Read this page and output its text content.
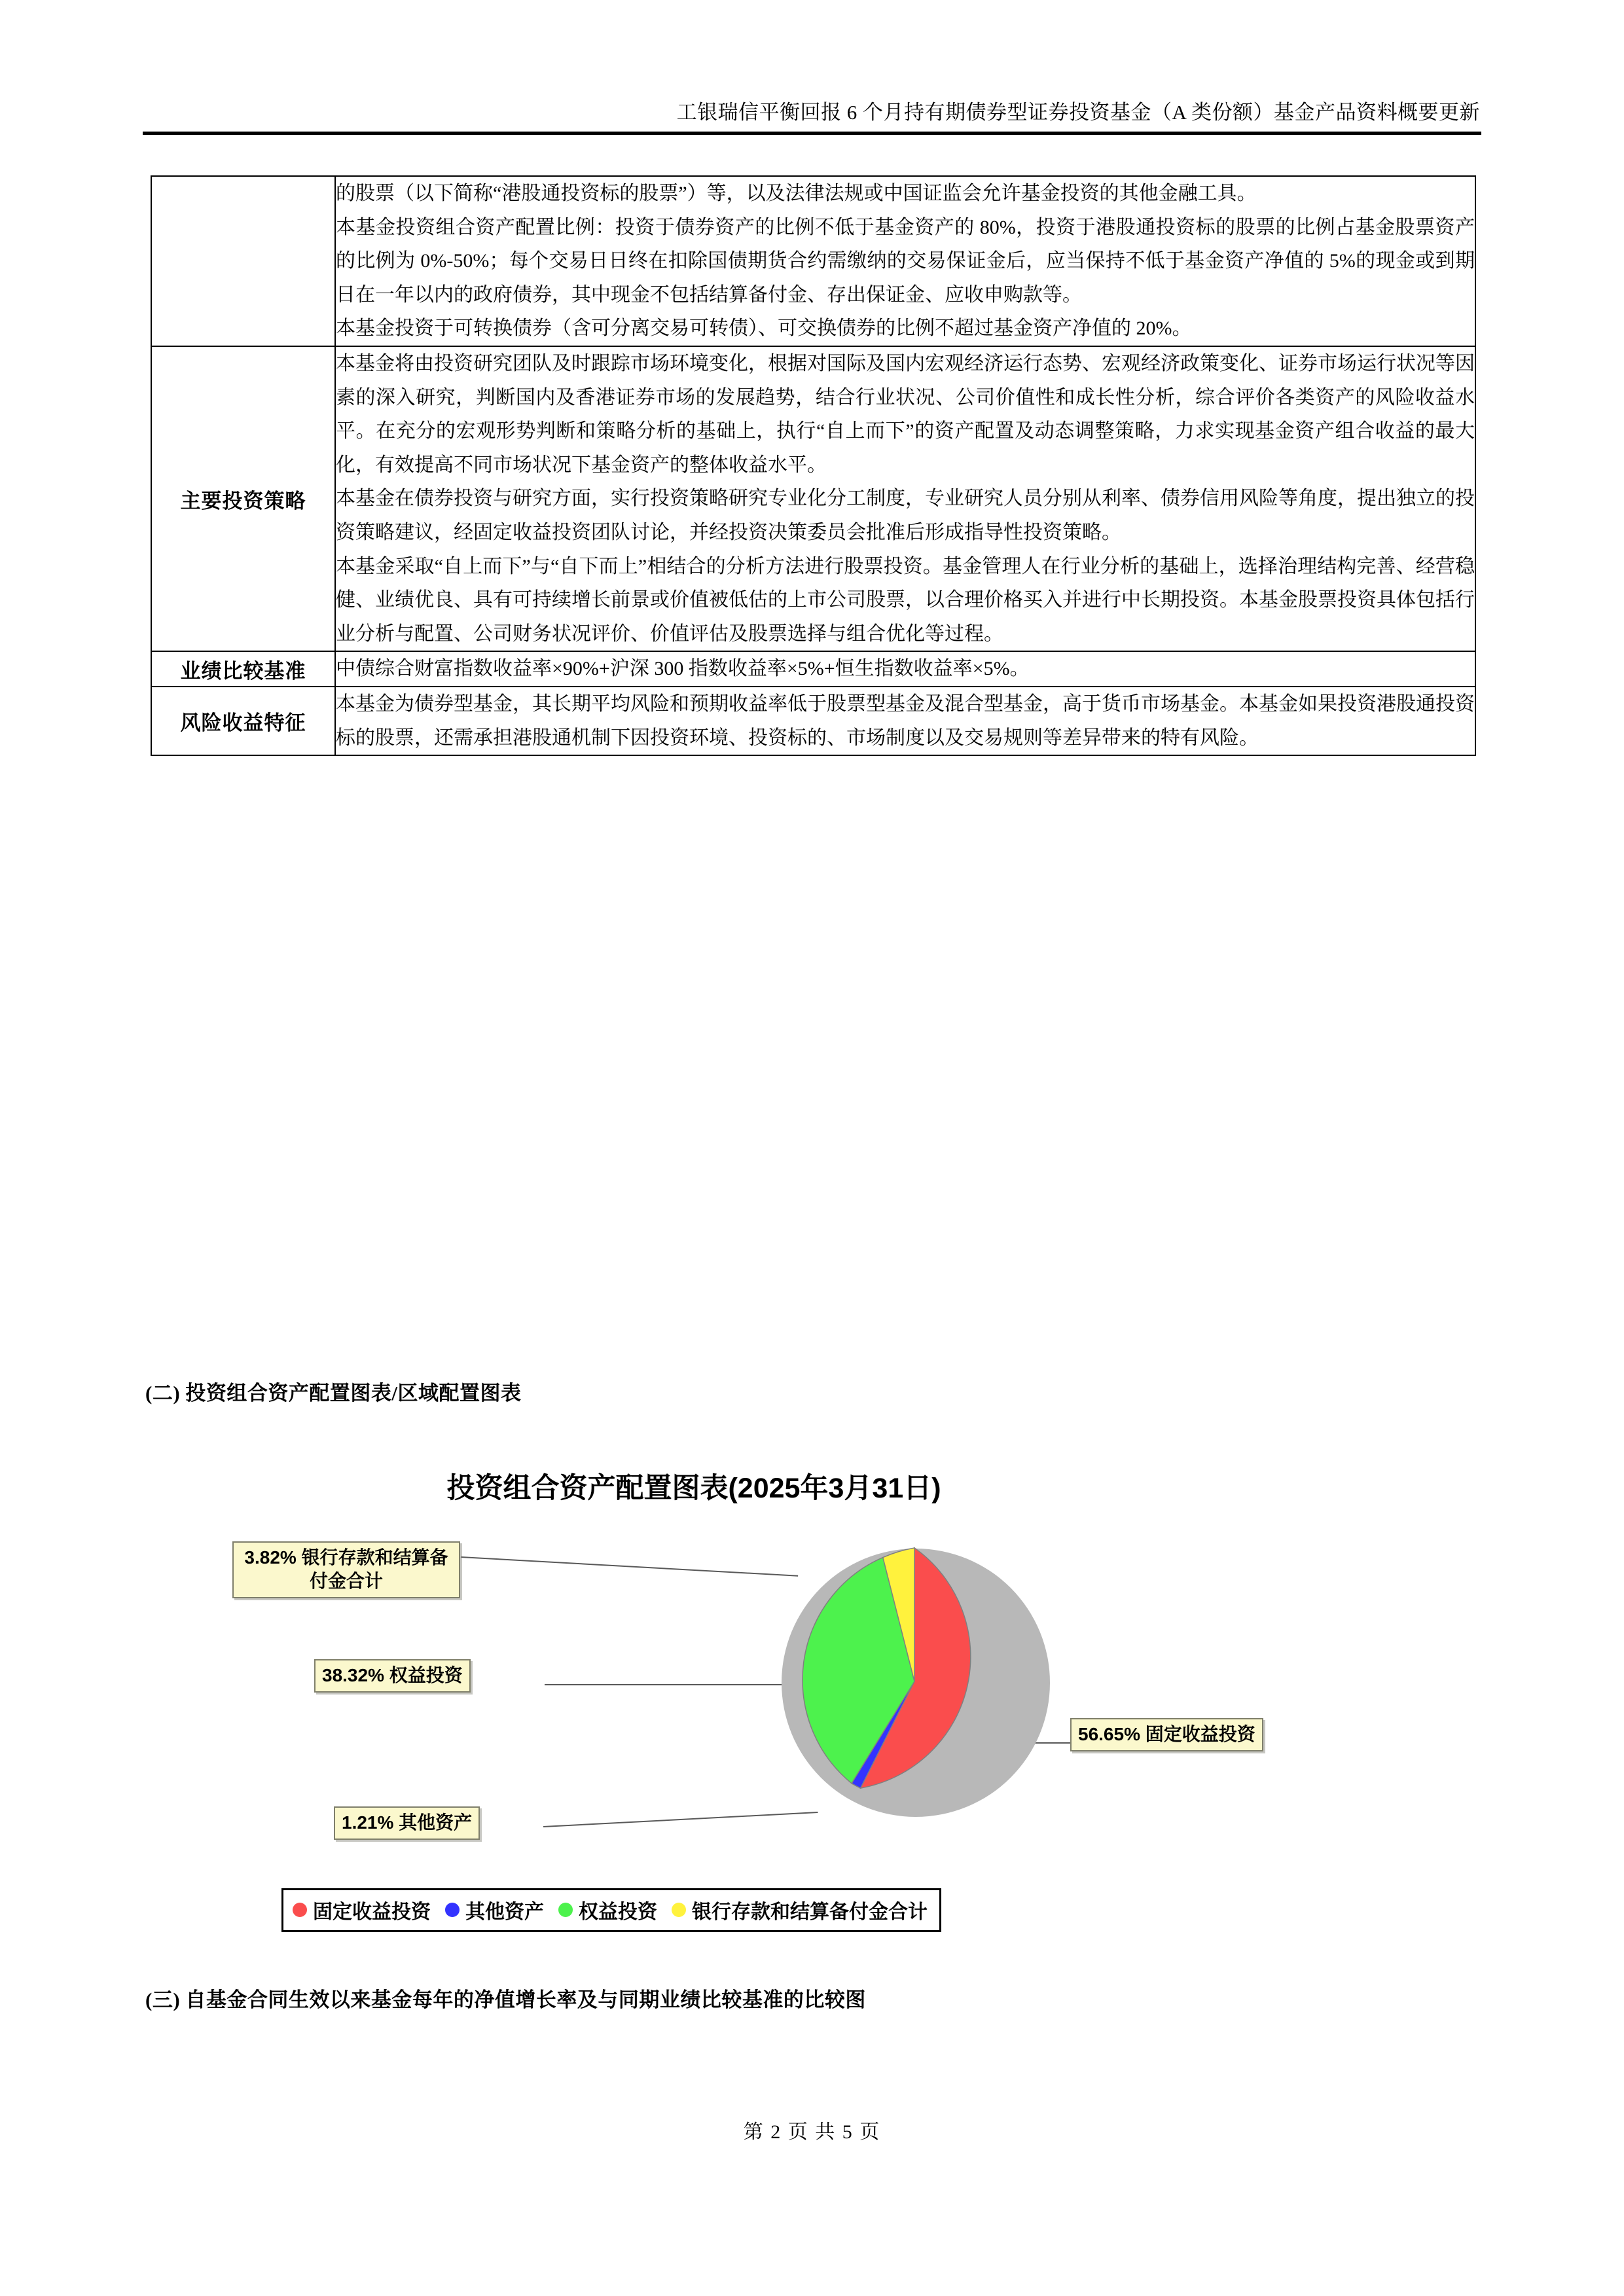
工银瑞信平衡回报 6 个月持有期债券型证券投资基金（A 类份额）基金产品资料概要更新

	的股票（以下简称“港股通投资标的股票”）等，以及法律法规或中国证监会允许基金投资的其他金融工具。

本基金投资组合资产配置比例：投资于债券资产的比例不低于基金资产的 80%，投资于港股通投资标的股票的比例占基金股票资产的比例为 0%-50%；每个交易日日终在扣除国债期货合约需缴纳的交易保证金后，应当保持不低于基金资产净值的 5%的现金或到期日在一年以内的政府债券，其中现金不包括结算备付金、存出保证金、应收申购款等。

本基金投资于可转换债券（含可分离交易可转债）、可交换债券的比例不超过基金资产净值的 20%。

主要投资策略	本基金将由投资研究团队及时跟踪市场环境变化，根据对国际及国内宏观经济运行态势、宏观经济政策变化、证券市场运行状况等因素的深入研究，判断国内及香港证券市场的发展趋势，结合行业状况、公司价值性和成长性分析，综合评价各类资产的风险收益水平。在充分的宏观形势判断和策略分析的基础上，执行“自上而下”的资产配置及动态调整策略，力求实现基金资产组合收益的最大化，有效提高不同市场状况下基金资产的整体收益水平。

本基金在债券投资与研究方面，实行投资策略研究专业化分工制度，专业研究人员分别从利率、债券信用风险等角度，提出独立的投资策略建议，经固定收益投资团队讨论，并经投资决策委员会批准后形成指导性投资策略。

本基金采取“自上而下”与“自下而上”相结合的分析方法进行股票投资。基金管理人在行业分析的基础上，选择治理结构完善、经营稳健、业绩优良、具有可持续增长前景或价值被低估的上市公司股票，以合理价格买入并进行中长期投资。本基金股票投资具体包括行业分析与配置、公司财务状况评价、价值评估及股票选择与组合优化等过程。

业绩比较基准	中债综合财富指数收益率×90%+沪深 300 指数收益率×5%+恒生指数收益率×5%。

风险收益特征	本基金为债券型基金，其长期平均风险和预期收益率低于股票型基金及混合型基金，高于货币市场基金。本基金如果投资港股通投资标的股票，还需承担港股通机制下因投资环境、投资标的、市场制度以及交易规则等差异带来的特有风险。

(二) 投资组合资产配置图表/区域配置图表
投资组合资产配置图表(2025年3月31日)
3.82% 银行存款和结算备付金合计
38.32% 权益投资
1.21% 其他资产
56.65% 固定收益投资
固定收益投资 其他资产 权益投资 银行存款和结算备付金合计
(三) 自基金合同生效以来基金每年的净值增长率及与同期业绩比较基准的比较图
第 2 页 共 5 页
